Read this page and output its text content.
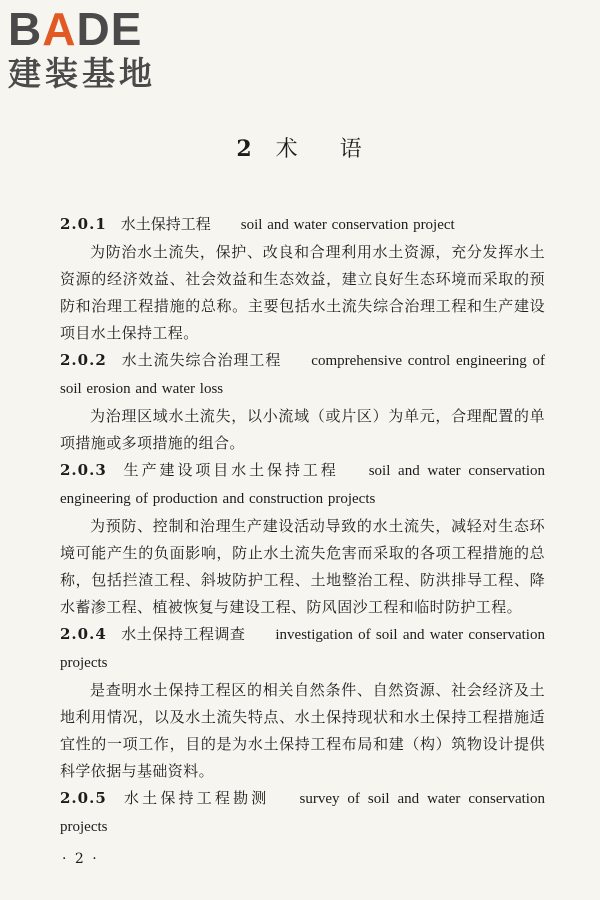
BADE
建装基地
2 术 语
2.0.1 水土保持工程 soil and water conservation project
为防治水土流失，保护、改良和合理利用水土资源，充分发挥水土资源的经济效益、社会效益和生态效益，建立良好生态环境而采取的预防和治理工程措施的总称。主要包括水土流失综合治理工程和生产建设项目水土保持工程。
2.0.2 水土流失综合治理工程 comprehensive control engineering of soil erosion and water loss
为治理区域水土流失，以小流域（或片区）为单元，合理配置的单项措施或多项措施的组合。
2.0.3 生产建设项目水土保持工程 soil and water conservation engineering of production and construction projects
为预防、控制和治理生产建设活动导致的水土流失，减轻对生态环境可能产生的负面影响，防止水土流失危害而采取的各项工程措施的总称，包括拦渣工程、斜坡防护工程、土地整治工程、防洪排导工程、降水蓄渗工程、植被恢复与建设工程、防风固沙工程和临时防护工程。
2.0.4 水土保持工程调查 investigation of soil and water conservation projects
是查明水土保持工程区的相关自然条件、自然资源、社会经济及土地利用情况，以及水土流失特点、水土保持现状和水土保持工程措施适宜性的一项工作，目的是为水土保持工程布局和建（构）筑物设计提供科学依据与基础资料。
2.0.5 水土保持工程勘测 survey of soil and water conservation projects
· 2 ·
